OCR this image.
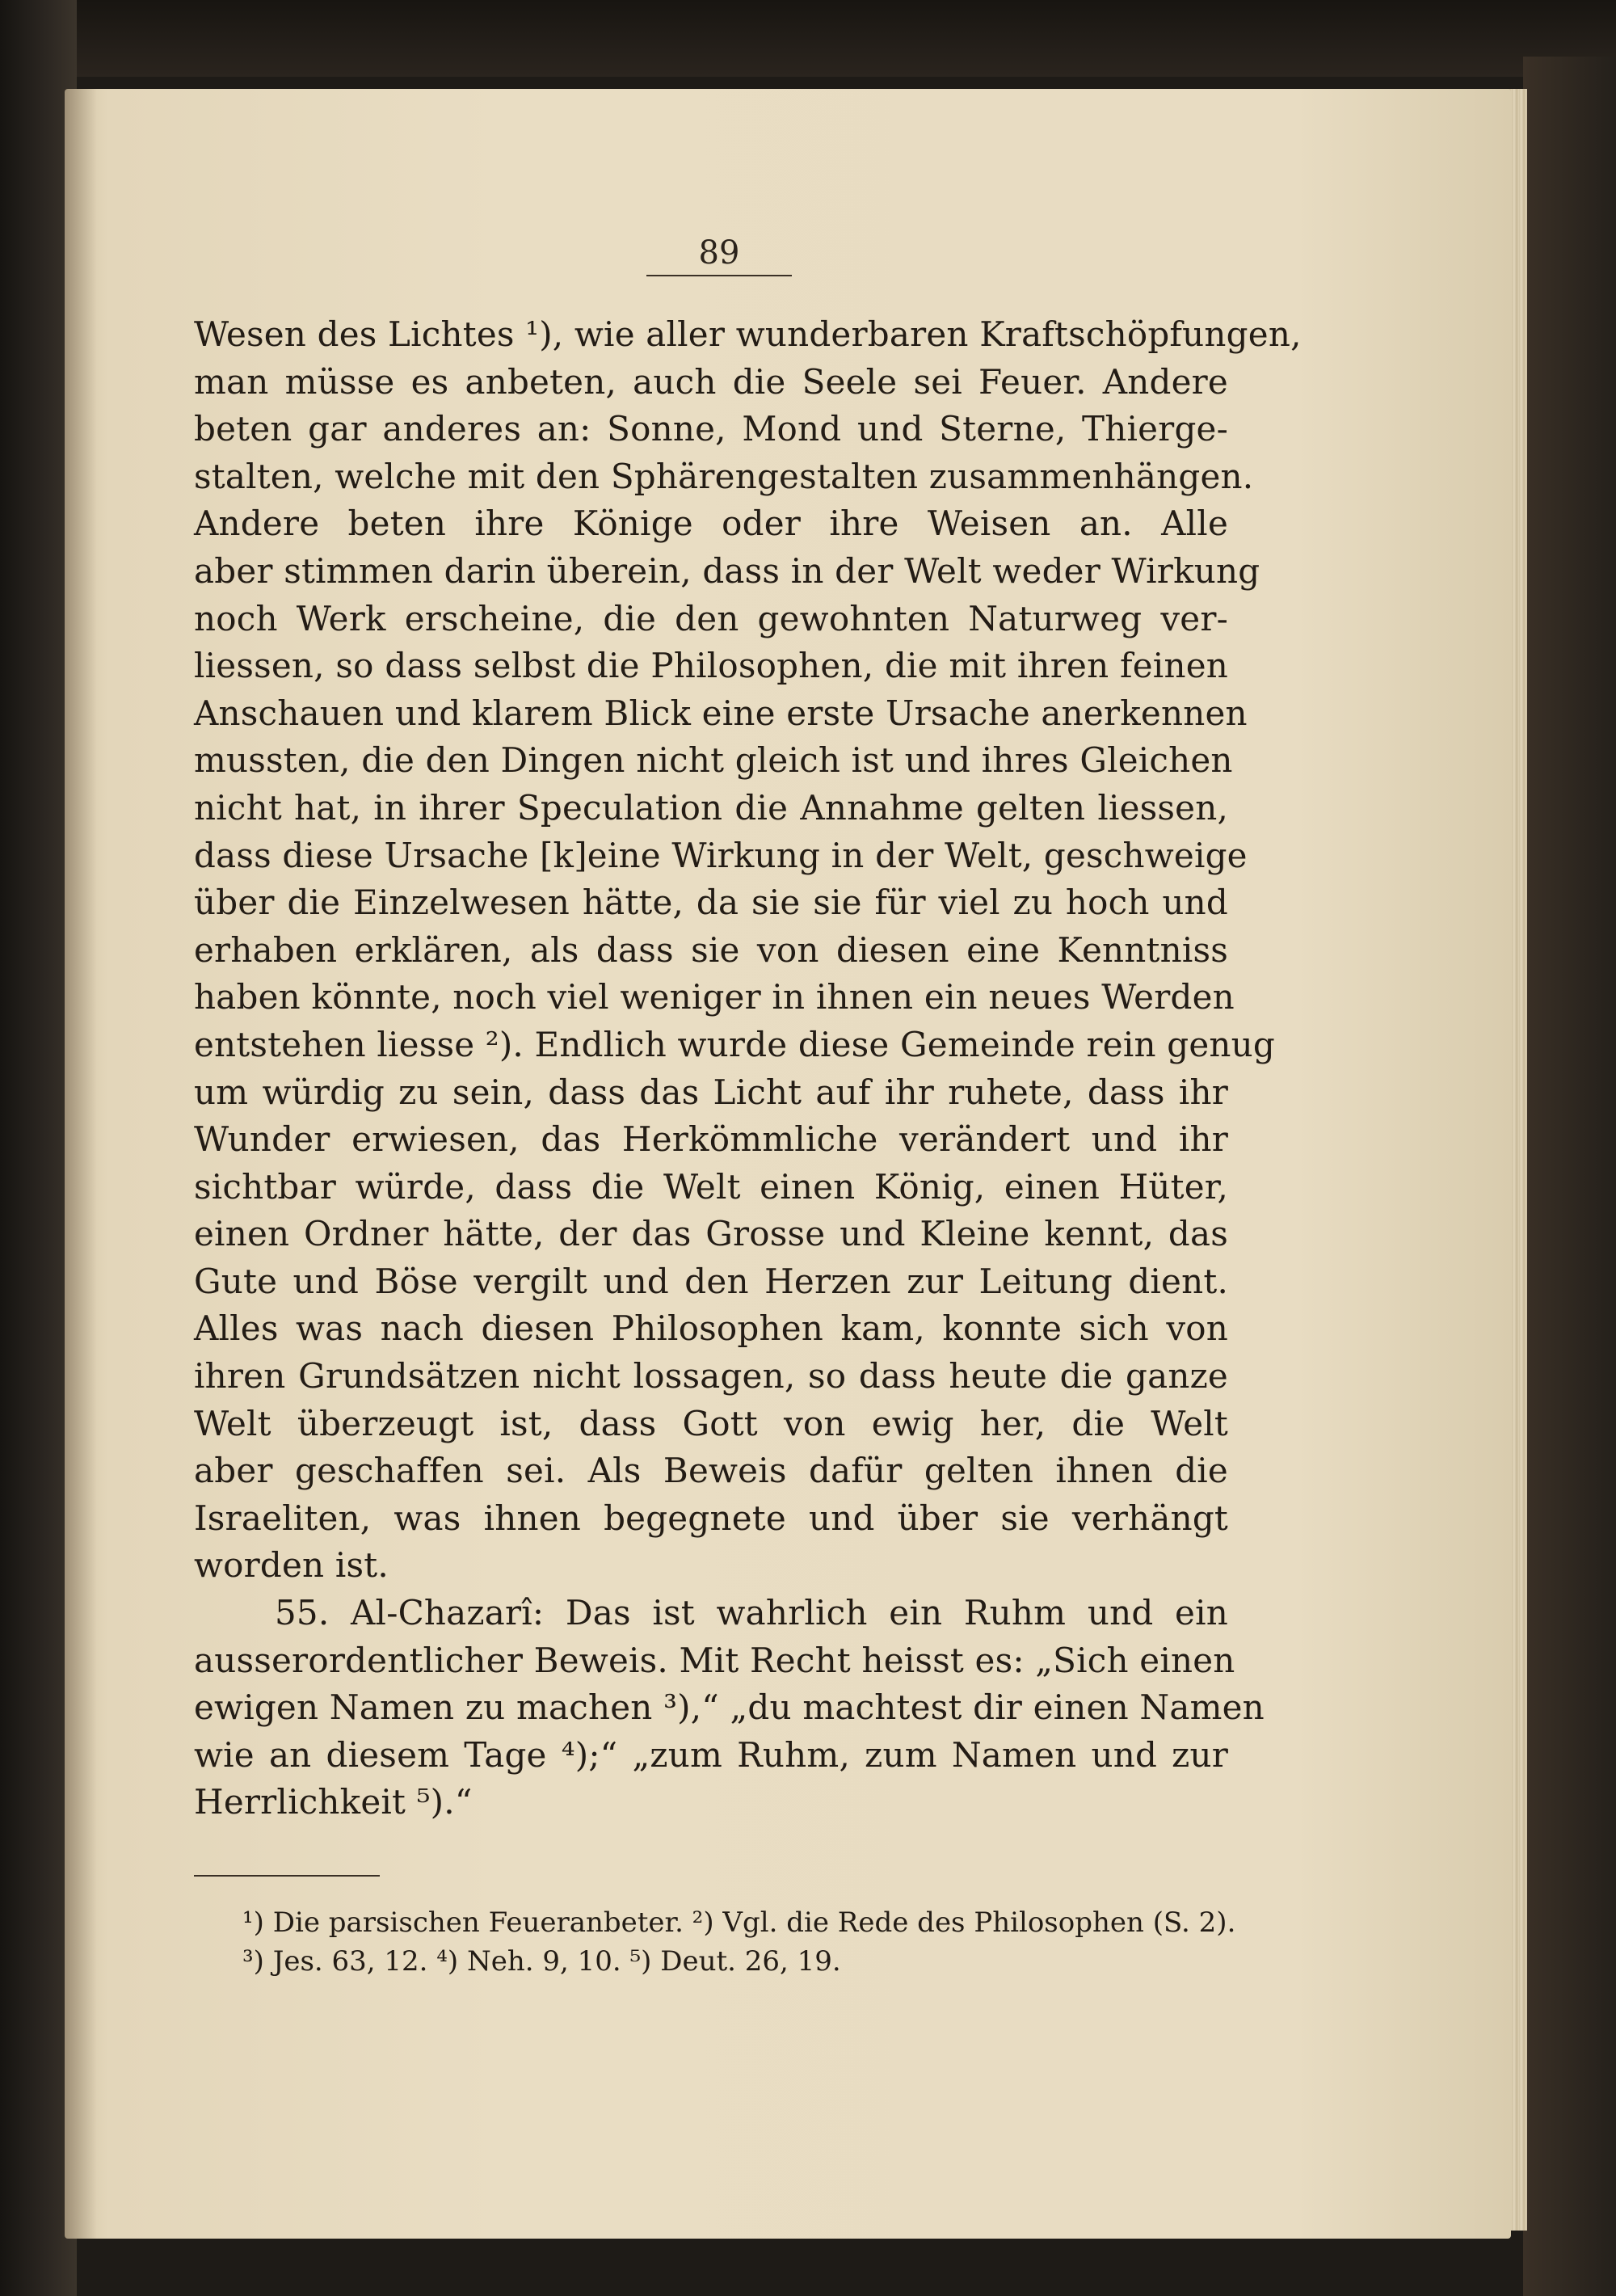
89
Wesen des Lichtes ¹), wie aller wunderbaren Kraftschöpfungen,
man müsse es anbeten, auch die Seele sei Feuer. Andere
beten gar anderes an: Sonne, Mond und Sterne, Thierge-
stalten, welche mit den Sphärengestalten zusammenhängen.
Andere beten ihre Könige oder ihre Weisen an. Alle
aber stimmen darin überein, dass in der Welt weder Wirkung
noch Werk erscheine, die den gewohnten Naturweg ver-
liessen, so dass selbst die Philosophen, die mit ihren feinen
Anschauen und klarem Blick eine erste Ursache anerkennen
mussten, die den Dingen nicht gleich ist und ihres Gleichen
nicht hat, in ihrer Speculation die Annahme gelten liessen,
dass diese Ursache [k]eine Wirkung in der Welt, geschweige
über die Einzelwesen hätte, da sie sie für viel zu hoch und
erhaben erklären, als dass sie von diesen eine Kenntniss
haben könnte, noch viel weniger in ihnen ein neues Werden
entstehen liesse ²). Endlich wurde diese Gemeinde rein genug
um würdig zu sein, dass das Licht auf ihr ruhete, dass ihr
Wunder erwiesen, das Herkömmliche verändert und ihr
sichtbar würde, dass die Welt einen König, einen Hüter,
einen Ordner hätte, der das Grosse und Kleine kennt, das
Gute und Böse vergilt und den Herzen zur Leitung dient.
Alles was nach diesen Philosophen kam, konnte sich von
ihren Grundsätzen nicht lossagen, so dass heute die ganze
Welt überzeugt ist, dass Gott von ewig her, die Welt
aber geschaffen sei. Als Beweis dafür gelten ihnen die
Israeliten, was ihnen begegnete und über sie verhängt
worden ist.
55. Al-Chazarî: Das ist wahrlich ein Ruhm und ein
ausserordentlicher Beweis. Mit Recht heisst es: „Sich einen
ewigen Namen zu machen ³),“ „du machtest dir einen Namen
wie an diesem Tage ⁴);“ „zum Ruhm, zum Namen und zur
Herrlichkeit ⁵).“
¹) Die parsischen Feueranbeter. ²) Vgl. die Rede des Philosophen (S. 2).
³) Jes. 63, 12. ⁴) Neh. 9, 10. ⁵) Deut. 26, 19.
